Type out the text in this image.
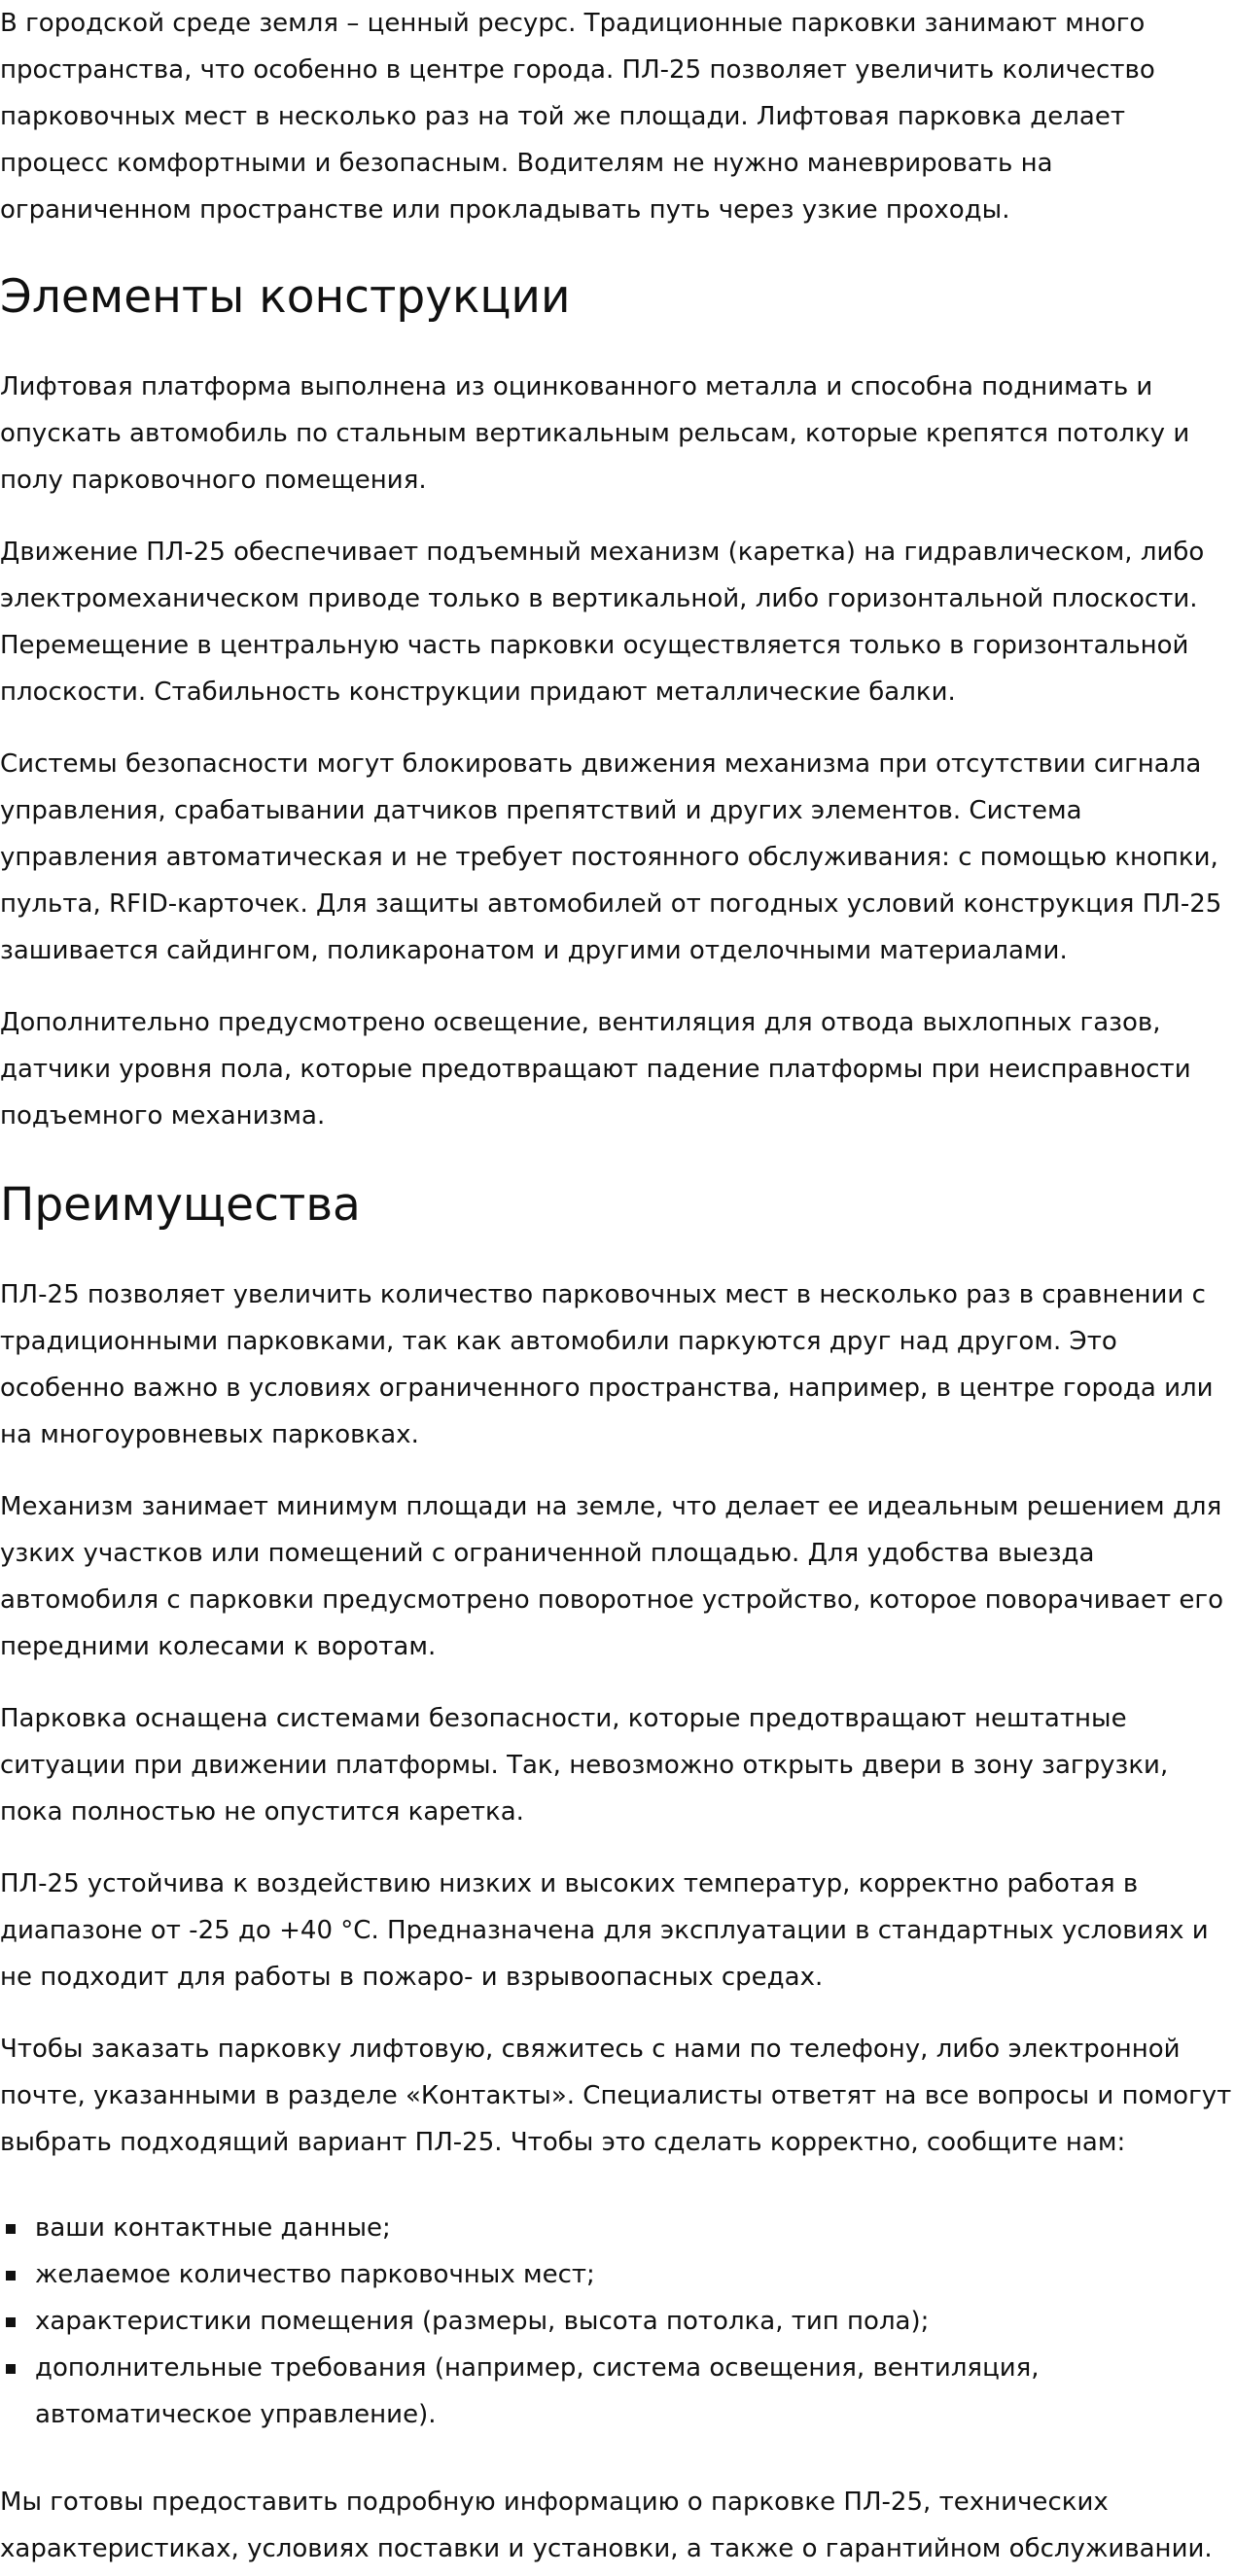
В городской среде земля – ценный ресурс. Традиционные парковки занимают много пространства, что особенно в центре города. ПЛ-25 позволяет увеличить количество парковочных мест в несколько раз на той же площади. Лифтовая парковка делает процесс комфортными и безопасным. Водителям не нужно маневрировать на ограниченном пространстве или прокладывать путь через узкие проходы.

Элементы конструкции

Лифтовая платформа выполнена из оцинкованного металла и способна поднимать и опускать автомобиль по стальным вертикальным рельсам, которые крепятся потолку и полу парковочного помещения.

Движение ПЛ-25 обеспечивает подъемный механизм (каретка) на гидравлическом, либо электромеханическом приводе только в вертикальной, либо горизонтальной плоскости. Перемещение в центральную часть парковки осуществляется только в горизонтальной плоскости. Стабильность конструкции придают металлические балки.

Системы безопасности могут блокировать движения механизма при отсутствии сигнала управления, срабатывании датчиков препятствий и других элементов. Система управления автоматическая и не требует постоянного обслуживания: с помощью кнопки, пульта, RFID-карточек. Для защиты автомобилей от погодных условий конструкция ПЛ-25 зашивается сайдингом, поликаронатом и другими отделочными материалами.

Дополнительно предусмотрено освещение, вентиляция для отвода выхлопных газов, датчики уровня пола, которые предотвращают падение платформы при неисправности подъемного механизма.

Преимущества

ПЛ-25 позволяет увеличить количество парковочных мест в несколько раз в сравнении с традиционными парковками, так как автомобили паркуются друг над другом. Это особенно важно в условиях ограниченного пространства, например, в центре города или на многоуровневых парковках.

Механизм занимает минимум площади на земле, что делает ее идеальным решением для узких участков или помещений с ограниченной площадью. Для удобства выезда автомобиля с парковки предусмотрено поворотное устройство, которое поворачивает его передними колесами к воротам.

Парковка оснащена системами безопасности, которые предотвращают нештатные ситуации при движении платформы. Так, невозможно открыть двери в зону загрузки, пока полностью не опустится каретка.

ПЛ-25 устойчива к воздействию низких и высоких температур, корректно работая в диапазоне от -25 до +40 °С. Предназначена для эксплуатации в стандартных условиях и не подходит для работы в пожаро- и взрывоопасных средах.

Чтобы заказать парковку лифтовую, свяжитесь с нами по телефону, либо электронной почте, указанными в разделе «Контакты». Специалисты ответят на все вопросы и помогут выбрать подходящий вариант ПЛ-25. Чтобы это сделать корректно, сообщите нам:

ваши контактные данные;
желаемое количество парковочных мест;
характеристики помещения (размеры, высота потолка, тип пола);
дополнительные требования (например, система освещения, вентиляция, автоматическое управление).

Мы готовы предоставить подробную информацию о парковке ПЛ-25, технических характеристиках, условиях поставки и установки, а также о гарантийном обслуживании.
